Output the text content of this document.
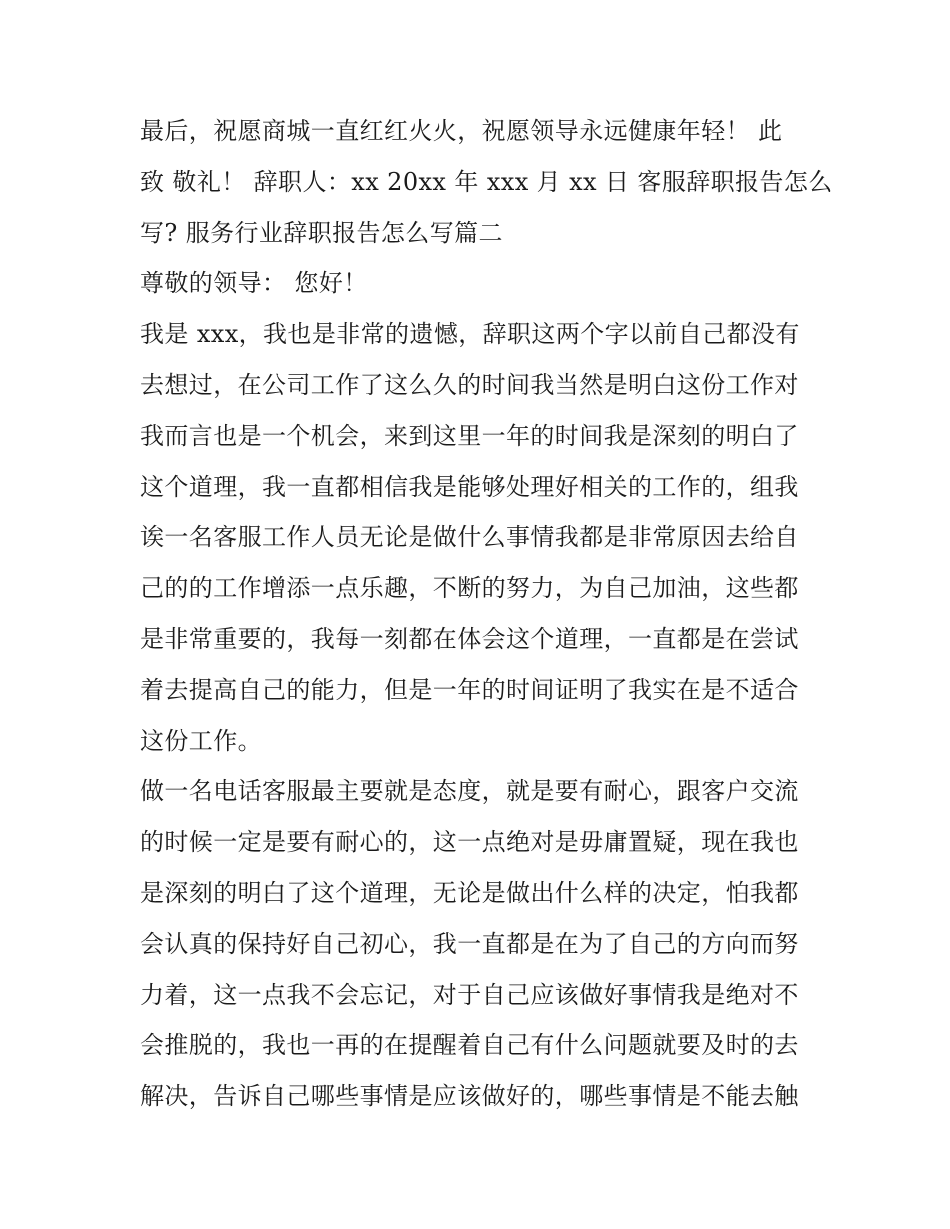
最后，祝愿商城一直红红火火，祝愿领导永远健康年轻！ 此
致 敬礼！ 辞职人：xx 20xx 年 xxx 月 xx 日 客服辞职报告怎么
写? 服务行业辞职报告怎么写篇二
尊敬的领导： 您好！
我是 xxx，我也是非常的遗憾，辞职这两个字以前自己都没有
去想过，在公司工作了这么久的时间我当然是明白这份工作对
我而言也是一个机会，来到这里一年的时间我是深刻的明白了
这个道理，我一直都相信我是能够处理好相关的工作的，组我
诶一名客服工作人员无论是做什么事情我都是非常原因去给自
己的的工作增添一点乐趣，不断的努力，为自己加油，这些都
是非常重要的，我每一刻都在体会这个道理，一直都是在尝试
着去提高自己的能力，但是一年的时间证明了我实在是不适合
这份工作。
做一名电话客服最主要就是态度，就是要有耐心，跟客户交流
的时候一定是要有耐心的，这一点绝对是毋庸置疑，现在我也
是深刻的明白了这个道理，无论是做出什么样的决定，怕我都
会认真的保持好自己初心，我一直都是在为了自己的方向而努
力着，这一点我不会忘记，对于自己应该做好事情我是绝对不
会推脱的，我也一再的在提醒着自己有什么问题就要及时的去
解决，告诉自己哪些事情是应该做好的，哪些事情是不能去触
